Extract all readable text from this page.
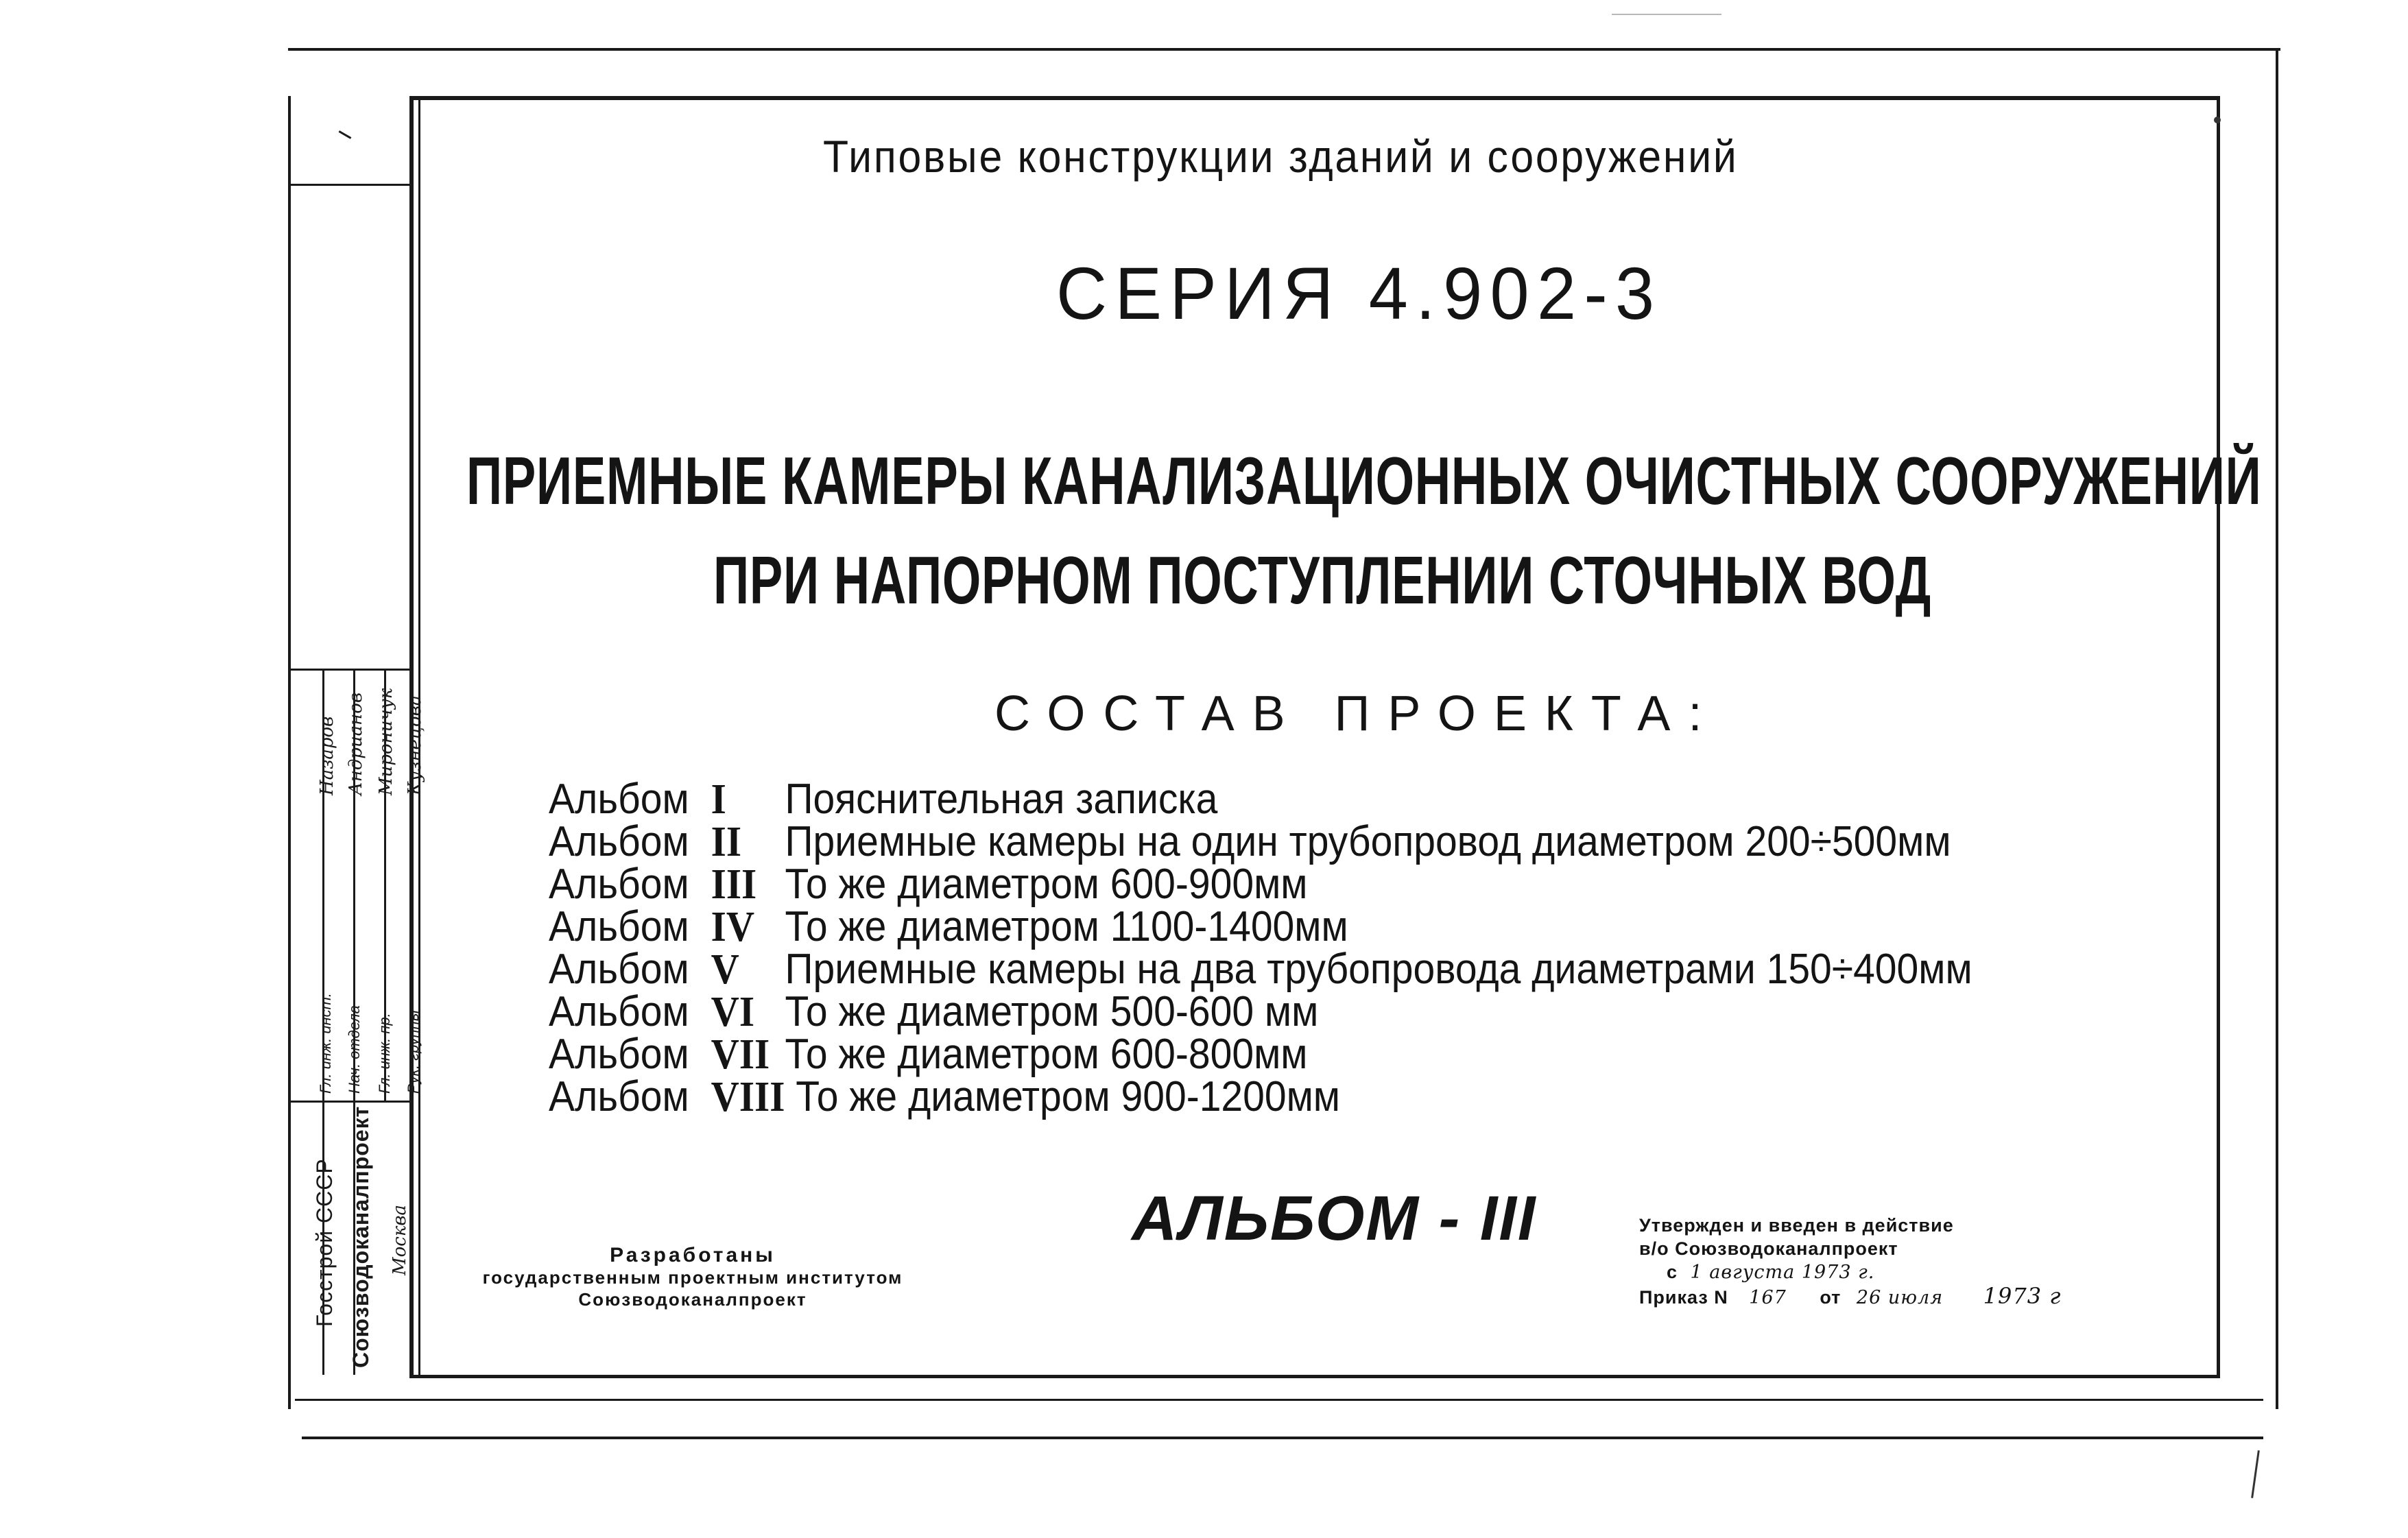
Госстрой СССР Союзводоканалпроект Москва
Гл. инж. инст. Нач. отдела Гл. инж. пр. Рук. группы
Назаров Андрианов Мироничук Кузнецова
Типовые конструкции зданий и сооружений
СЕРИЯ 4.902-3
ПРИЕМНЫЕ КАМЕРЫ КАНАЛИЗАЦИОННЫХ ОЧИСТНЫХ СООРУЖЕНИЙ
ПРИ НАПОРНОМ ПОСТУПЛЕНИИ СТОЧНЫХ ВОД
СОСТАВ ПРОЕКТА:
Альбом I Пояснительная записка
Альбом II Приемные камеры на один трубопровод диаметром 200÷500мм
Альбом III То же диаметром 600-900мм
Альбом IV То же диаметром 1100-1400мм
Альбом V Приемные камеры на два трубопровода диаметрами 150÷400мм
Альбом VI То же диаметром 500-600 мм
Альбом VII То же диаметром 600-800мм
Альбом VIII То же диаметром 900-1200мм
АЛЬБОМ - III
Разработаны
государственным проектным институтом
Союзводоканалпроект
Утвержден и введен в действие
в/о Союзводоканалпроект
с 1 августа 1973 г.
Приказ N 167 от 26 июля 1973 г
